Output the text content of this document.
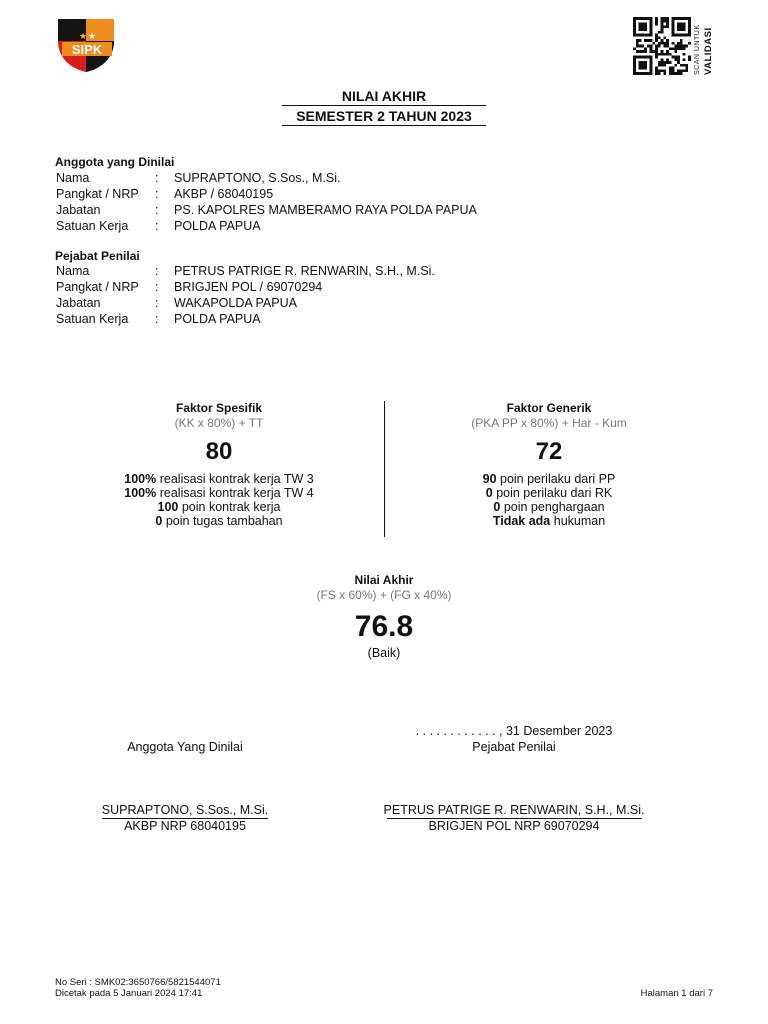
★ ★
SIPK	SCAN UNTUK VALIDASI
NILAI AKHIR
SEMESTER 2 TAHUN 2023
Anggota yang Dinilai
Nama	: SUPRAPTONO, S.Sos., M.Si.
Pangkat / NRP : AKBP / 68040195
Jabatan	: PS. KAPOLRES MAMBERAMO RAYA POLDA PAPUA
Satuan Kerja : POLDA PAPUA
Pejabat Penilai
Nama	: PETRUS PATRIGE R. RENWARIN, S.H., M.Si.
Pangkat / NRP : BRIGJEN POL / 69070294
Jabatan	: WAKAPOLDA PAPUA
Satuan Kerja : POLDA PAPUA
Faktor Spesifik
(KK x 80%) + TT
80
100% realisasi kontrak kerja TW 3
100% realisasi kontrak kerja TW 4
100 poin kontrak kerja
0 poin tugas tambahan
Faktor Generik
(PKA PP x 80%) + Har - Kum
72
90 poin perilaku dari PP
0 poin perilaku dari RK
0 poin penghargaan
Tidak ada hukuman
Nilai Akhir
(FS x 60%) + (FG x 40%)
76.8
(Baik)
. . . . . . . . . . . . , 31 Desember 2023
Anggota Yang Dinilai	Pejabat Penilai
SUPRAPTONO, S.Sos., M.Si.
AKBP NRP 68040195
PETRUS PATRIGE R. RENWARIN, S.H., M.Si.
BRIGJEN POL NRP 69070294
No Seri : SMK02:3650766/5821544071
Dicetak pada 5 Januari 2024 17:41	Halaman 1 dari 7
